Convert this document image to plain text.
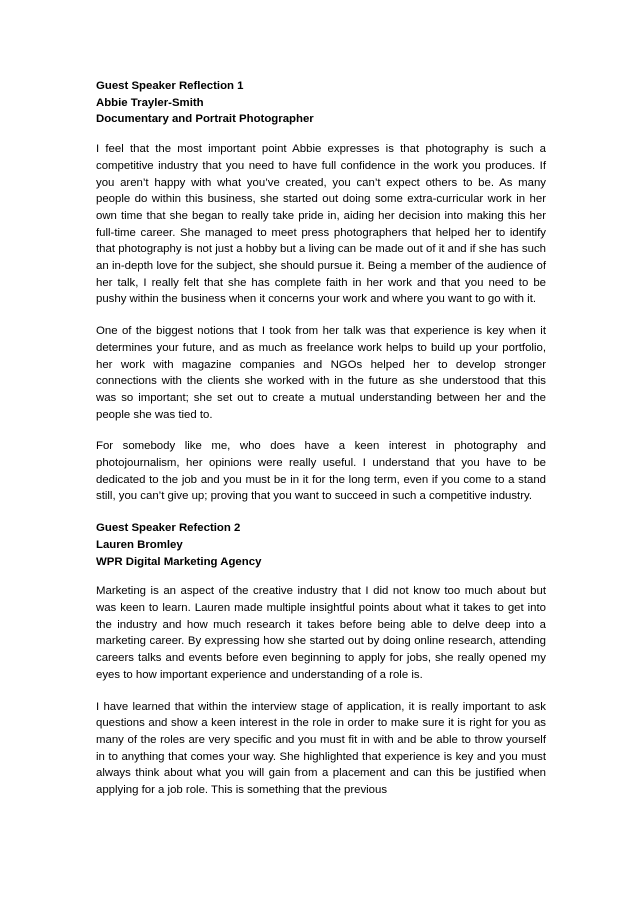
Guest Speaker Reflection 1
Abbie Trayler-Smith
Documentary and Portrait Photographer

I feel that the most important point Abbie expresses is that photography is such a competitive industry that you need to have full confidence in the work you produces. If you aren’t happy with what you’ve created, you can’t expect others to be. As many people do within this business, she started out doing some extra-curricular work in her own time that she began to really take pride in, aiding her decision into making this her full-time career. She managed to meet press photographers that helped her to identify that photography is not just a hobby but a living can be made out of it and if she has such an in-depth love for the subject, she should pursue it. Being a member of the audience of her talk, I really felt that she has complete faith in her work and that you need to be pushy within the business when it concerns your work and where you want to go with it.

One of the biggest notions that I took from her talk was that experience is key when it determines your future, and as much as freelance work helps to build up your portfolio, her work with magazine companies and NGOs helped her to develop stronger connections with the clients she worked with in the future as she understood that this was so important; she set out to create a mutual understanding between her and the people she was tied to.

For somebody like me, who does have a keen interest in photography and photojournalism, her opinions were really useful. I understand that you have to be dedicated to the job and you must be in it for the long term, even if you come to a stand still, you can’t give up; proving that you want to succeed in such a competitive industry.

Guest Speaker Refection 2
Lauren Bromley
WPR Digital Marketing Agency

Marketing is an aspect of the creative industry that I did not know too much about but was keen to learn. Lauren made multiple insightful points about what it takes to get into the industry and how much research it takes before being able to delve deep into a marketing career. By expressing how she started out by doing online research, attending careers talks and events before even beginning to apply for jobs, she really opened my eyes to how important experience and understanding of a role is.

I have learned that within the interview stage of application, it is really important to ask questions and show a keen interest in the role in order to make sure it is right for you as many of the roles are very specific and you must fit in with and be able to throw yourself in to anything that comes your way. She highlighted that experience is key and you must always think about what you will gain from a placement and can this be justified when applying for a job role. This is something that the previous
